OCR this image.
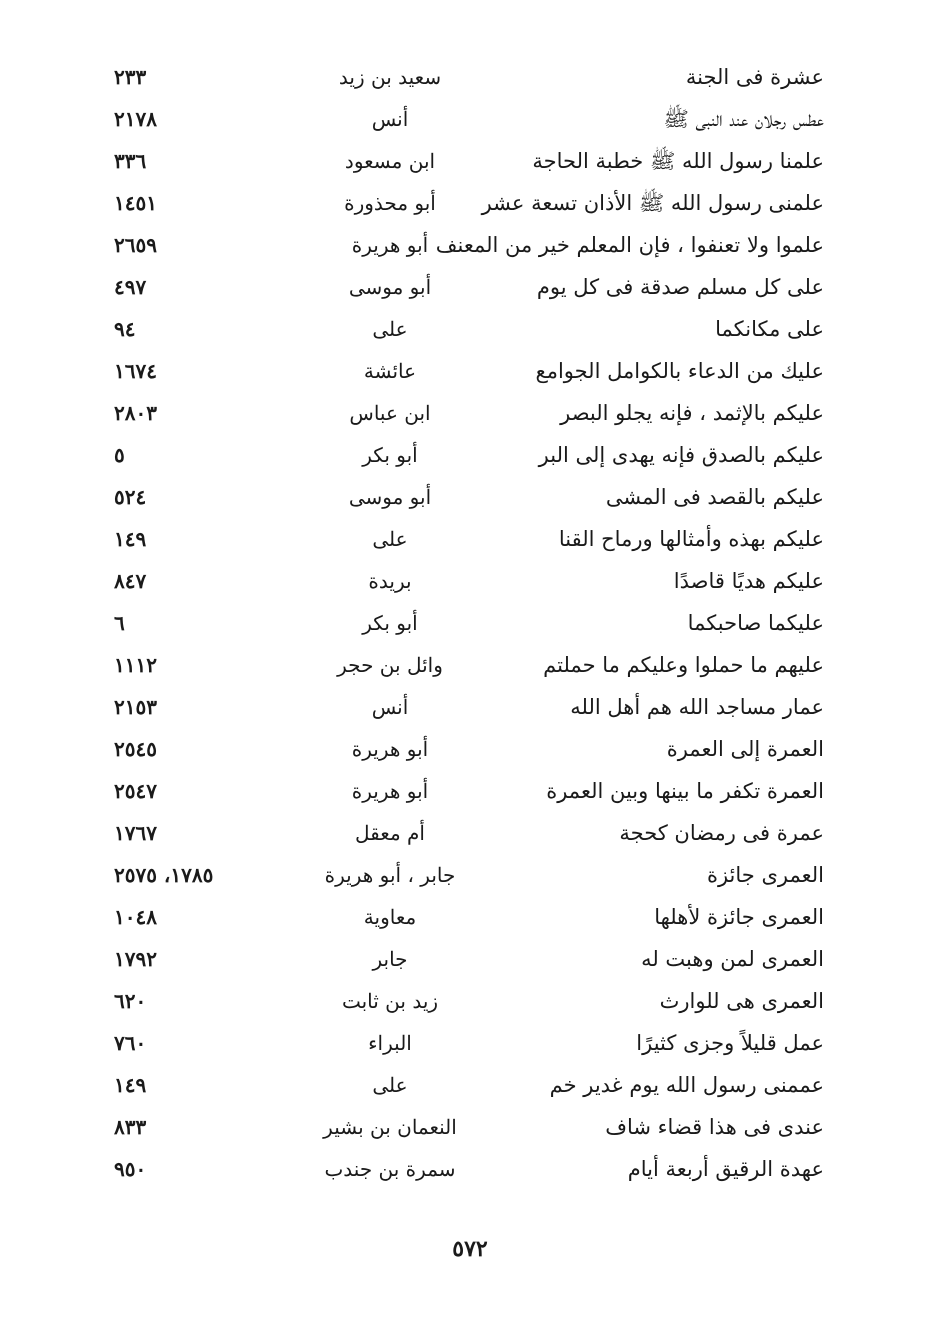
عشرة فى الجنة
سعيد بن زيد
٢٣٣
عطس رجلان عند النبى ﷺ
أنس
٢١٧٨
علمنا رسول الله ﷺ خطبة الحاجة
ابن مسعود
٣٣٦
علمنى رسول الله ﷺ الأذان تسعة عشر
أبو محذورة
١٤٥١
علموا ولا تعنفوا ، فإن المعلم خير من المعنف
أبو هريرة
٢٦٥٩
على كل مسلم صدقة فى كل يوم
أبو موسى
٤٩٧
على مكانكما
على
٩٤
عليك من الدعاء بالكوامل الجوامع
عائشة
١٦٧٤
عليكم بالإثمد ، فإنه يجلو البصر
ابن عباس
٢٨٠٣
عليكم بالصدق فإنه يهدى إلى البر
أبو بكر
٥
عليكم بالقصد فى المشى
أبو موسى
٥٢٤
عليكم بهذه وأمثالها ورماح القنا
على
١٤٩
عليكم هديًا قاصدًا
بريدة
٨٤٧
عليكما صاحبكما
أبو بكر
٦
عليهم ما حملوا وعليكم ما حملتم
وائل بن حجر
١١١٢
عمار مساجد الله هم أهل الله
أنس
٢١٥٣
العمرة إلى العمرة
أبو هريرة
٢٥٤٥
العمرة تكفر ما بينها وبين العمرة
أبو هريرة
٢٥٤٧
عمرة فى رمضان كحجة
أم معقل
١٧٦٧
العمرى جائزة
جابر ، أبو هريرة
١٧٨٥، ٢٥٧٥
العمرى جائزة لأهلها
معاوية
١٠٤٨
العمرى لمن وهبت له
جابر
١٧٩٢
العمرى هى للوارث
زيد بن ثابت
٦٢٠
عمل قليلاً وجزى كثيرًا
البراء
٧٦٠
عممنى رسول الله يوم غدير خم
على
١٤٩
عندى فى هذا قضاء شاف
النعمان بن بشير
٨٣٣
عهدة الرقيق أربعة أيام
سمرة بن جندب
٩٥٠
٥٧٢
